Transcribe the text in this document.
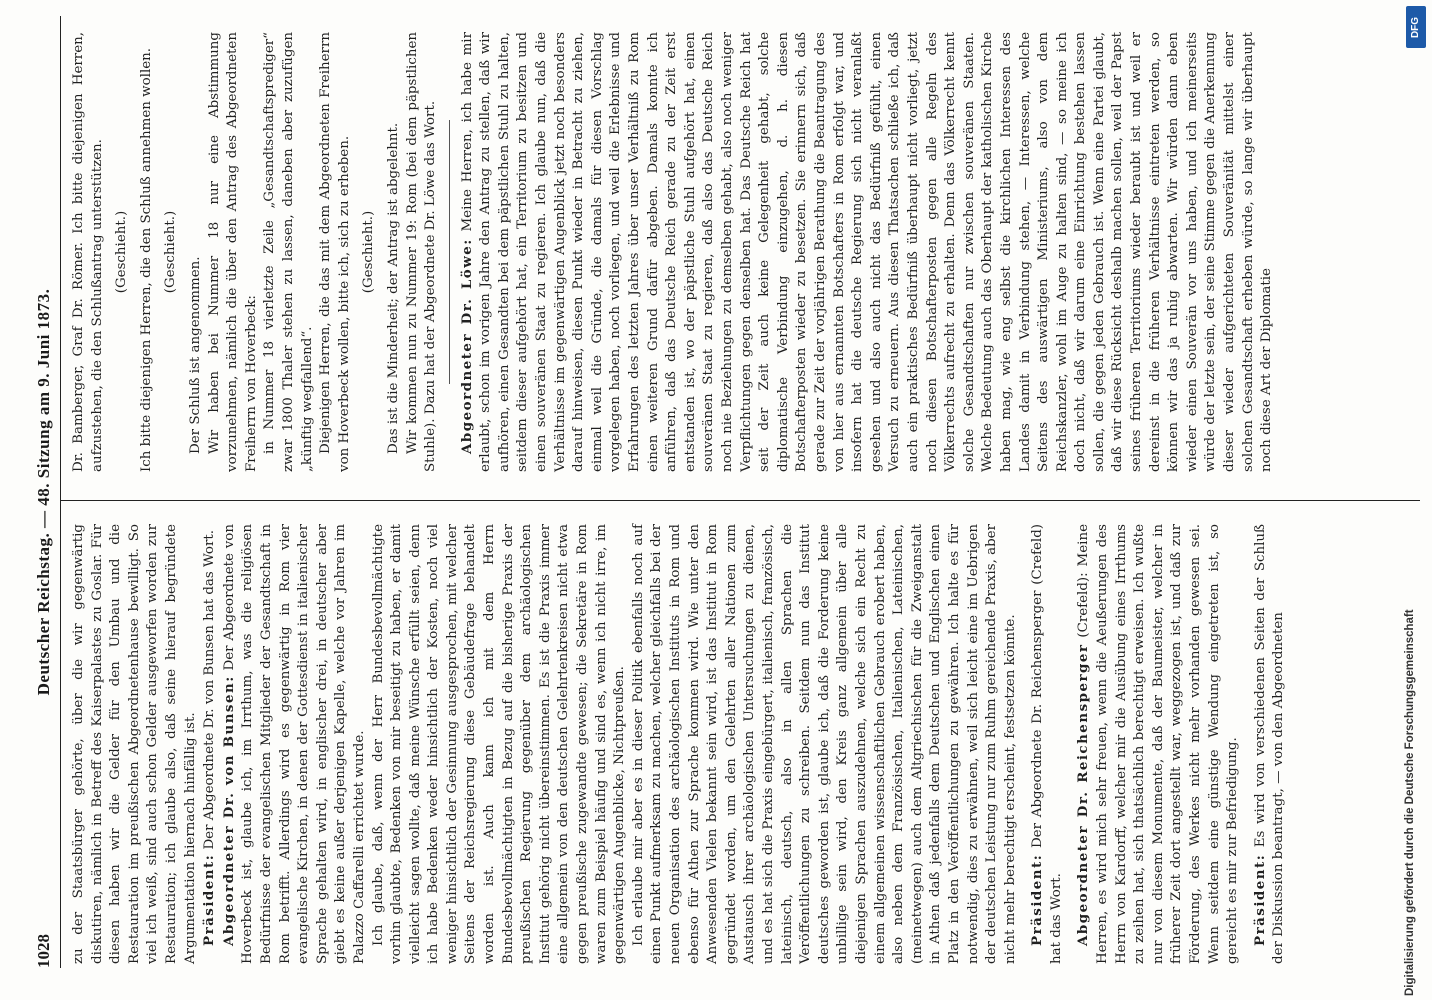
1028
Deutscher Reichstag. — 48. Sitzung am 9. Juni 1873.

zu der Staatsbürger gehörte, über die wir gegenwärtig diskutiren, nämlich in Betreff des Kaiserpalastes zu Goslar. Für diesen haben wir die Gelder für den Umbau und die Restauration im preußischen Abgeordnetenhause bewilligt. So viel ich weiß, sind auch schon Gelder ausgeworfen worden zur Restauration; ich glaube also, daß seine hierauf begründete Argumentation hiernach hinfällig ist. Präsident: Der Abgeordnete Dr. von Bunsen hat das Wort. Abgeordneter Dr. von Bunsen: Der Abgeordnete von Hoverbeck ist, glaube ich, im Irrthum, was die religiösen Bedürfnisse der evangelischen Mitglieder der Gesandtschaft in Rom betrifft. Allerdings wird es gegenwärtig in Rom vier evangelische Kirchen, in denen der Gottesdienst in italienischer Sprache gehalten wird, in englischer drei, in deutscher aber giebt es keine außer derjenigen Kapelle, welche vor Jahren im Palazzo Caffarelli errichtet wurde. Ich glaube, daß, wenn der Herr Bundesbevollmächtigte vorhin glaubte, Bedenken von mir beseitigt zu haben, er damit vielleicht sagen wollte, daß meine Wünsche erfüllt seien, denn ich habe Bedenken weder hinsichtlich der Kosten, noch viel weniger hinsichtlich der Gesinnung ausgesprochen, mit welcher Seitens der Reichsregierung diese Gebäudefrage behandelt worden ist. Auch kann ich mit dem Herrn Bundesbevollmächtigten in Bezug auf die bisherige Praxis der preußischen Regierung gegenüber dem archäologischen Institut gehörig nicht übereinstimmen. Es ist die Praxis immer eine allgemein von den deutschen Gelehrtenkreisen nicht etwa gegen preußische zugewandte gewesen; die Sekretäre in Rom waren zum Beispiel häufig und sind es, wenn ich nicht irre, im gegenwärtigen Augenblicke, Nichtpreußen. Ich erlaube mir aber es in dieser Politik ebenfalls noch auf einen Punkt aufmerksam zu machen, welcher gleichfalls bei der neuen Organisation des archäologischen Instituts in Rom und ebenso für Athen zur Sprache kommen wird. Wie unter den Anwesenden Vielen bekannt sein wird, ist das Institut in Rom gegründet worden, um den Gelehrten aller Nationen zum Austausch ihrer archäologischen Untersuchungen zu dienen, und es hat sich die Praxis eingebürgert, italienisch, französisch, lateinisch, deutsch, also in allen Sprachen die Veröffentlichungen zu schreiben. Seitdem nun das Institut deutsches geworden ist, glaube ich, daß die Forderung keine unbillige sein wird, den Kreis ganz allgemein über alle diejenigen Sprachen auszudehnen, welche sich ein Recht zu einem allgemeinen wissenschaftlichen Gebrauch erobert haben, also neben dem Französischen, Italienischen, Lateinischen, (meinetwegen) auch dem Altgriechischen für die Zweiganstalt in Athen daß jedenfalls dem Deutschen und Englischen einen Platz in den Veröffentlichungen zu gewähren. Ich halte es für notwendig, dies zu erwähnen, weil sich leicht eine im Uebrigen der deutschen Leistung nur zum Ruhm gereichende Praxis, aber nicht mehr berechtigt erscheint, festsetzen könnte. Präsident: Der Abgeordnete Dr. Reichensperger (Crefeld) hat das Wort. Abgeordneter Dr. Reichensperger (Crefeld): Meine Herren, es wird mich sehr freuen, wenn die Aeußerungen des Herrn von Kardorff, welcher mir die Ausübung eines Irrthums zu zeihen hat, sich thatsächlich berechtigt erweisen. Ich wußte nur von diesem Monumente, daß der Baumeister, welcher in früherer Zeit dort angestellt war, weggezogen ist, und daß zur Förderung, des Werkes nicht mehr vorhanden gewesen sei. Wenn seitdem eine günstige Wendung eingetreten ist, so gereicht es mir zur Befriedigung. Präsident: Es wird von verschiedenen Seiten der Schluß der Diskussion beantragt, — von den Abgeordneten

Dr. Bamberger, Graf Dr. Römer. Ich bitte diejenigen Herren, aufzustehen, die den Schlußantrag unterstützen. (Geschieht.) Ich bitte diejenigen Herren, die den Schluß annehmen wollen. (Geschieht.)

Der Schluß ist angenommen. Wir haben bei Nummer 18 nur eine Abstimmung vorzunehmen, nämlich die über den Antrag des Abgeordneten Freiherrn von Hoverbeck: in Nummer 18 vierletzte Zeile „Gesandtschaftsprediger“ zwar 1800 Thaler stehen zu lassen, daneben aber zuzufügen „künftig wegfallend“. Diejenigen Herren, die das mit dem Abgeordneten Freiherrn von Hoverbeck wollen, bitte ich, sich zu erheben. (Geschieht.) Das ist die Minderheit; der Antrag ist abgelehnt. Wir kommen nun zu Nummer 19: Rom (bei dem päpstlichen Stuhle). Dazu hat der Abgeordnete Dr. Löwe das Wort. Abgeordneter Dr. Löwe: Meine Herren, ich habe mir erlaubt, schon im vorigen Jahre den Antrag zu stellen, daß wir aufhören, einen Gesandten bei dem päpstlichen Stuhl zu halten, seitdem dieser aufgehört hat, ein Territorium zu besitzen und einen souveränen Staat zu regieren. Ich glaube nun, daß die Verhältnisse im gegenwärtigen Augenblick jetzt noch besonders darauf hinweisen, diesen Punkt wieder in Betracht zu ziehen, einmal weil die Gründe, die damals für diesen Vorschlag vorgelegen haben, noch vorliegen, und weil die Erlebnisse und Erfahrungen des letzten Jahres über unser Verhältniß zu Rom einen weiteren Grund dafür abgeben. Damals konnte ich anführen, daß das Deutsche Reich gerade zu der Zeit erst entstanden ist, wo der päpstliche Stuhl aufgehört hat, einen souveränen Staat zu regieren, daß also das Deutsche Reich noch nie Beziehungen zu demselben gehabt, also noch weniger Verpflichtungen gegen denselben hat. Das Deutsche Reich hat seit der Zeit auch keine Gelegenheit gehabt, solche diplomatische Verbindung einzugehen, d. h. diesen Botschafterposten wieder zu besetzen. Sie erinnern sich, daß gerade zur Zeit der vorjährigen Berathung die Beantragung des von hier aus ernannten Botschafters in Rom erfolgt war, und insofern hat die deutsche Regierung sich nicht veranlaßt gesehen und also auch nicht das Bedürfniß gefühlt, einen Versuch zu erneuern. Aus diesen Thatsachen schließe ich, daß auch ein praktisches Bedürfniß überhaupt nicht vorliegt, jetzt noch diesen Botschafterposten gegen alle Regeln des Völkerrechts aufrecht zu erhalten. Denn das Völkerrecht kennt solche Gesandtschaften nur zwischen souveränen Staaten. Welche Bedeutung auch das Oberhaupt der katholischen Kirche haben mag, wie eng selbst die kirchlichen Interessen des Landes damit in Verbindung stehen, — Interessen, welche Seitens des auswärtigen Ministeriums, also von dem Reichskanzler, wohl im Auge zu halten sind, — so meine ich doch nicht, daß wir darum eine Einrichtung bestehen lassen sollen, die gegen jeden Gebrauch ist. Wenn eine Partei glaubt, daß wir diese Rücksicht deshalb machen sollen, weil der Papst seines früheren Territoriums wieder beraubt ist und weil er dereinst in die früheren Verhältnisse eintreten werden, so können wir das ja ruhig abwarten. Wir würden dann eben wieder einen Souverän vor uns haben, und ich meinerseits würde der letzte sein, der seine Stimme gegen die Anerkennung dieser wieder aufgerichteten Souveränität mittelst einer solchen Gesandtschaft erheben würde, so lange wir überhaupt noch diese Art der Diplomatie

Digitalisierung gefördert durch die Deutsche Forschungsgemeinschaft
DFG
